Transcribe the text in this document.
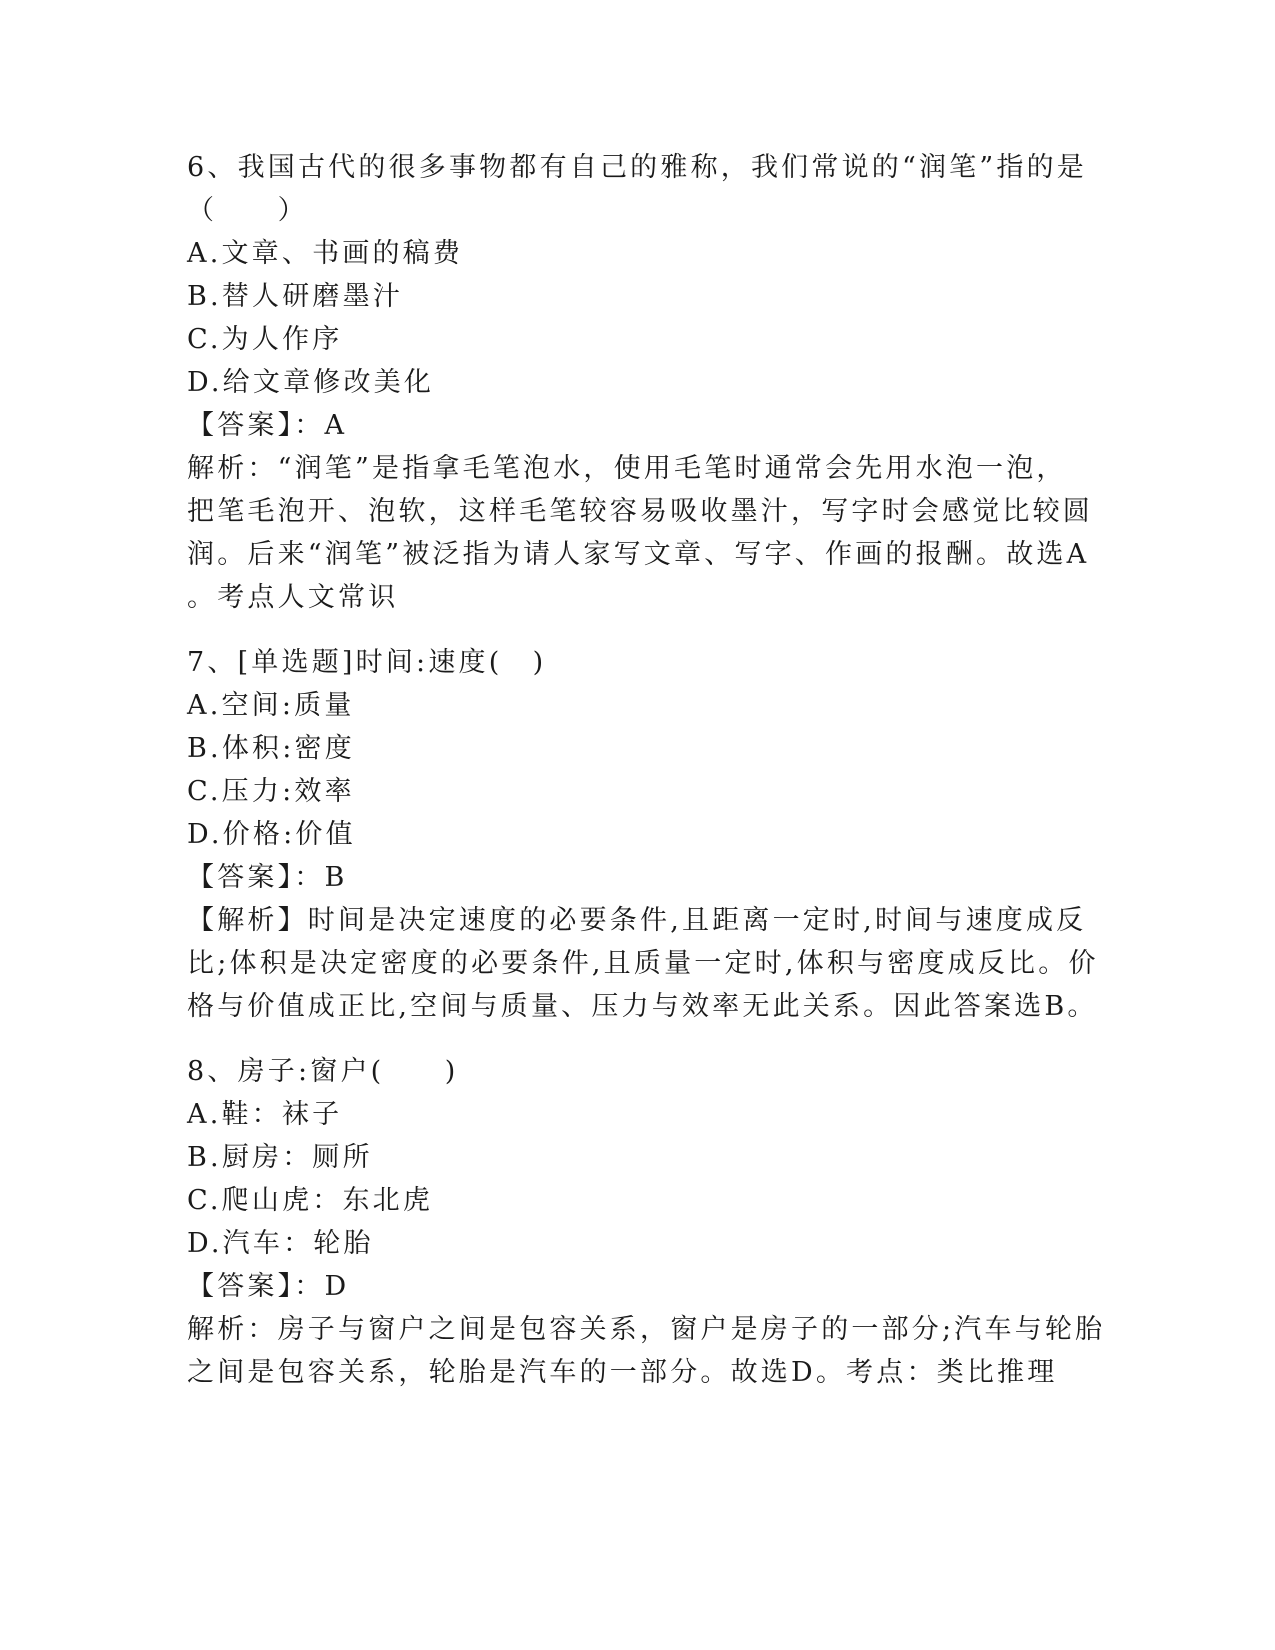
6、我国古代的很多事物都有自己的雅称，我们常说的“润笔”指的是

（　　）

A.文章、书画的稿费

B.替人研磨墨汁

C.为人作序

D.给文章修改美化

【答案】：A

解析：“润笔”是指拿毛笔泡水，使用毛笔时通常会先用水泡一泡，

把笔毛泡开、泡软，这样毛笔较容易吸收墨汁，写字时会感觉比较圆

润。后来“润笔”被泛指为请人家写文章、写字、作画的报酬。故选A

。考点人文常识

7、[单选题]时间:速度(　)

A.空间:质量

B.体积:密度

C.压力:效率

D.价格:价值

【答案】：B

【解析】时间是决定速度的必要条件,且距离一定时,时间与速度成反

比;体积是决定密度的必要条件,且质量一定时,体积与密度成反比。价

格与价值成正比,空间与质量、压力与效率无此关系。因此答案选B。

8、房子:窗户(　　)

A.鞋：袜子

B.厨房：厕所

C.爬山虎：东北虎

D.汽车：轮胎

【答案】：D

解析：房子与窗户之间是包容关系，窗户是房子的一部分;汽车与轮胎

之间是包容关系，轮胎是汽车的一部分。故选D。考点：类比推理
